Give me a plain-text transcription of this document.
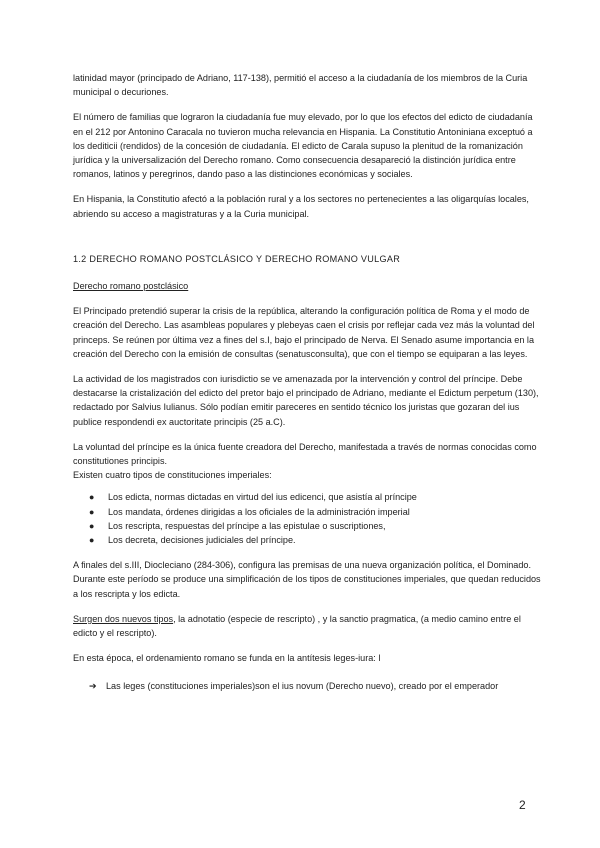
latinidad mayor (principado de Adriano, 117-138), permitió el acceso a la ciudadanía de los miembros de la Curia municipal o decuriones.

El número de familias que lograron la ciudadanía fue muy elevado, por lo que los efectos del edicto de ciudadanía en el 212 por Antonino Caracala no tuvieron mucha relevancia en Hispania. La Constitutio Antoniniana exceptuó a los dediticii (rendidos) de la concesión de ciudadanía. El edicto de Carala supuso la plenitud de la romanización jurídica y la universalización del Derecho romano. Como consecuencia desapareció la distinción jurídica entre romanos, latinos y peregrinos, dando paso a las distinciones económicas y sociales.

En Hispania, la Constitutio afectó a la población rural y a los sectores no pertenecientes a las oligarquías locales, abriendo su acceso a magistraturas y a la Curia municipal.

1.2 DERECHO ROMANO POSTCLÁSICO Y DERECHO ROMANO VULGAR

Derecho romano postclásico

El Principado pretendió superar la crisis de la república, alterando la configuración política de Roma y el modo de creación del Derecho. Las asambleas populares y plebeyas caen el crisis por reflejar cada vez más la voluntad del princeps. Se reúnen por última vez a fines del s.I, bajo el principado de Nerva. El Senado asume importancia en la creación del Derecho con la emisión de consultas (senatusconsulta), que con el tiempo se equiparan a las leyes.

La actividad de los magistrados con iurisdictio se ve amenazada por la intervención y control del príncipe. Debe destacarse la cristalización del edicto del pretor bajo el principado de Adriano, mediante el Edictum perpetum (130), redactado por Salvius Iulianus. Sólo podían emitir pareceres en sentido técnico los juristas que gozaran del ius publice respondendi ex auctoritate principis (25 a.C).

La voluntad del príncipe es la única fuente creadora del Derecho, manifestada a través de normas conocidas como constitutiones principis.

Existen cuatro tipos de constituciones imperiales:

● Los edicta, normas dictadas en virtud del ius edicenci, que asistía al príncipe
● Los mandata, órdenes dirigidas a los oficiales de la administración imperial
● Los rescripta, respuestas del príncipe a las epistulae o suscriptiones,
● Los decreta, decisiones judiciales del príncipe.

A finales del s.III, Diocleciano (284-306), configura las premisas de una nueva organización política, el Dominado. Durante este período se produce una simplificación de los tipos de constituciones imperiales, que quedan reducidos a los rescripta y los edicta.

Surgen dos nuevos tipos, la adnotatio (especie de rescripto) , y la sanctio pragmatica, (a medio camino entre el edicto y el rescripto).

En esta época, el ordenamiento romano se funda en la antítesis leges-iura: l

➔ Las leges (constituciones imperiales)son el ius novum (Derecho nuevo), creado por el emperador
2
